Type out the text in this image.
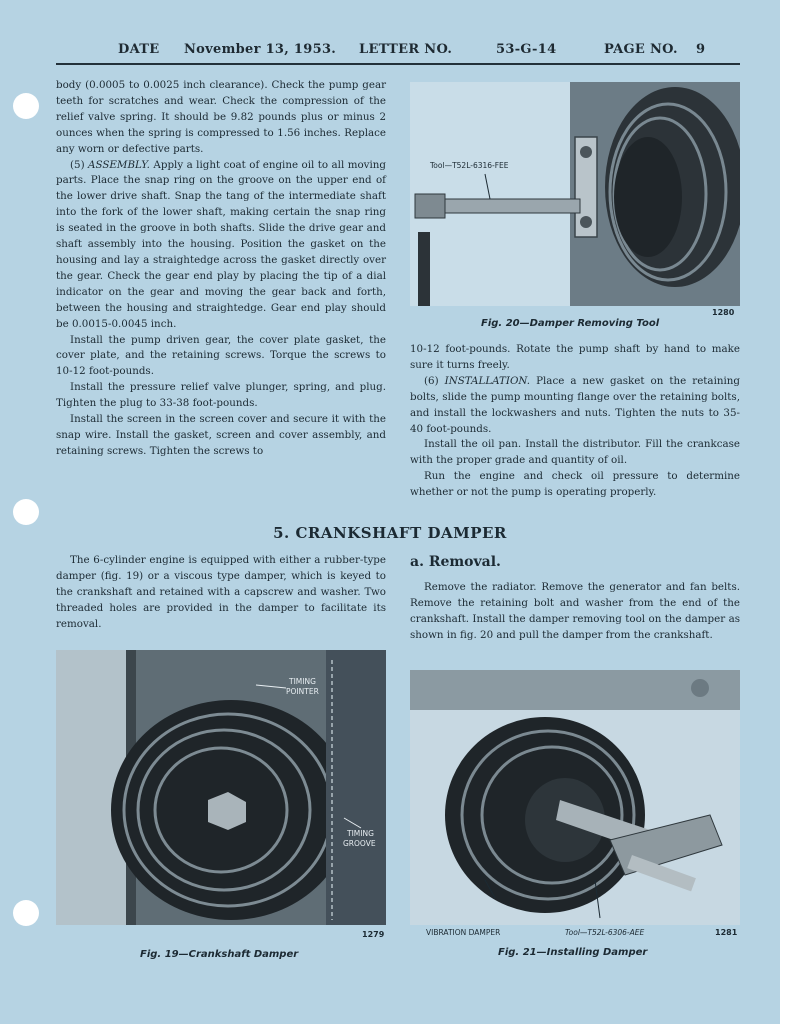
DATE November 13, 1953. LETTER NO.	53-G-14	PAGE NO. 9

body (0.0005 to 0.0025 inch clearance). Check the pump gear teeth for scratches and wear. Check the compression of the relief valve spring. It should be 9.82 pounds plus or minus 2 ounces when the spring is compressed to 1.56 inches. Replace any worn or defective parts.

(5) ASSEMBLY. Apply a light coat of engine oil to all moving parts. Place the snap ring on the groove on the upper end of the lower drive shaft. Snap the tang of the intermediate shaft into the fork of the lower shaft, making certain the snap ring is seated in the groove in both shafts. Slide the drive gear and shaft assembly into the housing. Position the gasket on the housing and lay a straightedge across the gasket directly over the gear. Check the gear end play by placing the tip of a dial indicator on the gear and moving the gear back and forth, between the housing and straightedge. Gear end play should be 0.0015-0.0045 inch.

Install the pump driven gear, the cover plate gasket, the cover plate, and the retaining screws. Torque the screws to 10-12 foot-pounds.

Install the pressure relief valve plunger, spring, and plug. Tighten the plug to 33-38 foot-pounds.

Install the screen in the screen cover and secure it with the snap wire. Install the gasket, screen and cover assembly, and retaining screws. Tighten the screws to

Tool—T52L-6316-FEE
1280
Fig. 20—Damper Removing Tool

10-12 foot-pounds. Rotate the pump shaft by hand to make sure it turns freely.

(6) INSTALLATION. Place a new gasket on the retaining bolts, slide the pump mounting flange over the retaining bolts, and install the lockwashers and nuts. Tighten the nuts to 35-40 foot-pounds.

Install the oil pan. Install the distributor. Fill the crankcase with the proper grade and quantity of oil.

Run the engine and check oil pressure to determine whether or not the pump is operating properly.

5. CRANKSHAFT DAMPER

The 6-cylinder engine is equipped with either a rubber-type damper (fig. 19) or a viscous type damper, which is keyed to the crankshaft and retained with a capscrew and washer. Two threaded holes are provided in the damper to facilitate its removal.

a. Removal.

Remove the radiator. Remove the generator and fan belts. Remove the retaining bolt and washer from the end of the crankshaft. Install the damper removing tool on the damper as shown in fig. 20 and pull the damper from the crankshaft.

TIMING
POINTER
TIMING
GROOVE
1279
Fig. 19—Crankshaft Damper
VIBRATION DAMPER	Tool—T52L-6306-AEE	1281
Fig. 21—Installing Damper
